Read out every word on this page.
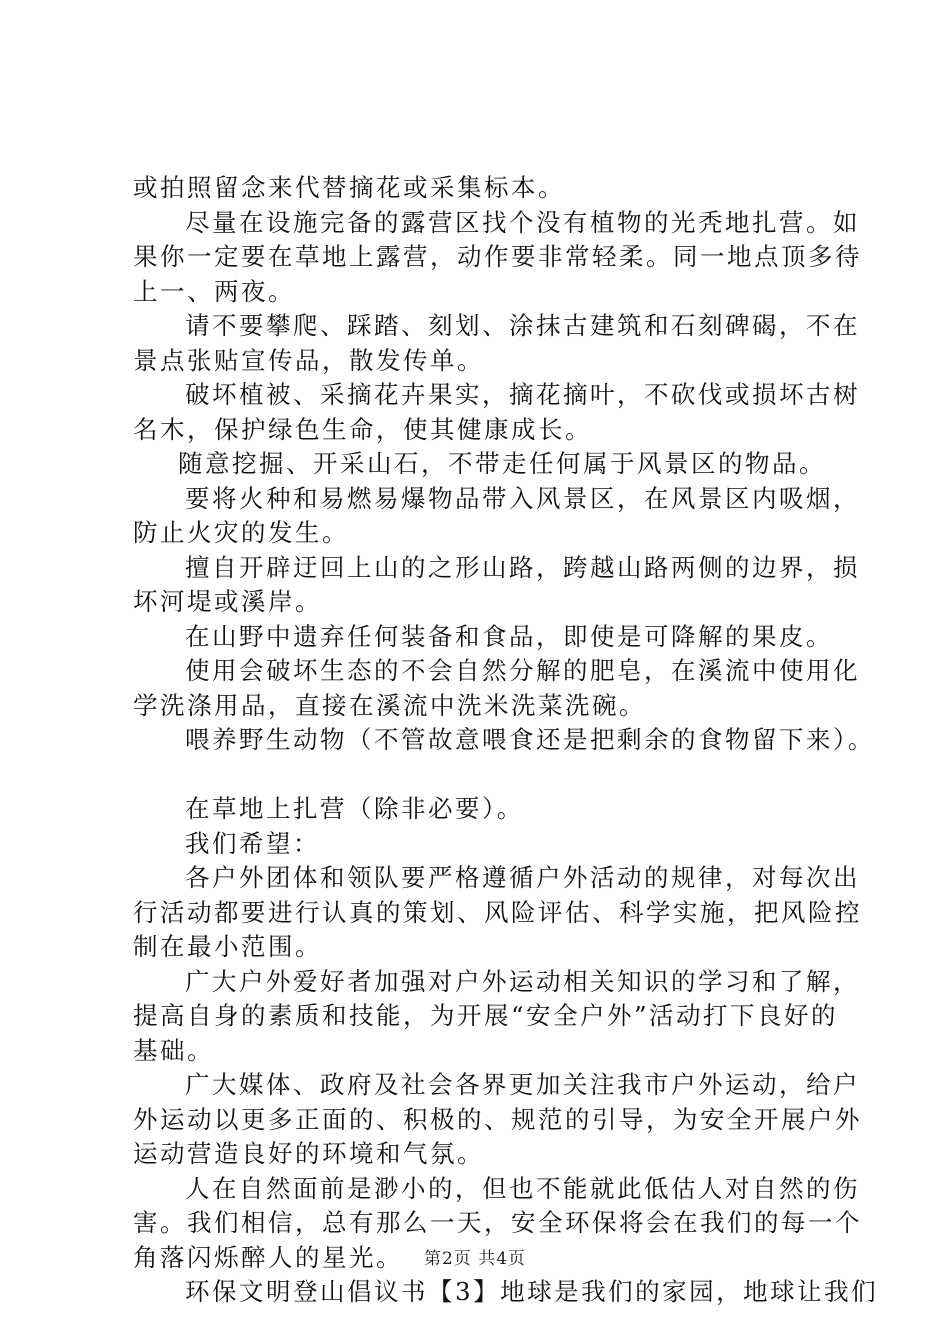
或拍照留念来代替摘花或采集标本。
尽量在设施完备的露营区找个没有植物的光秃地扎营。如
果你一定要在草地上露营，动作要非常轻柔。同一地点顶多待
上一、两夜。
请不要攀爬、踩踏、刻划、涂抹古建筑和石刻碑碣，不在
景点张贴宣传品，散发传单。
破坏植被、采摘花卉果实，摘花摘叶，不砍伐或损坏古树
名木，保护绿色生命，使其健康成长。
随意挖掘、开采山石，不带走任何属于风景区的物品。
要将火种和易燃易爆物品带入风景区，在风景区内吸烟，
防止火灾的发生。
擅自开辟迂回上山的之形山路，跨越山路两侧的边界，损
坏河堤或溪岸。
在山野中遗弃任何装备和食品，即使是可降解的果皮。
使用会破坏生态的不会自然分解的肥皂，在溪流中使用化
学洗涤用品，直接在溪流中洗米洗菜洗碗。
喂养野生动物（不管故意喂食还是把剩余的食物留下来）。
在草地上扎营（除非必要）。
我们希望：
各户外团体和领队要严格遵循户外活动的规律，对每次出
行活动都要进行认真的策划、风险评估、科学实施，把风险控
制在最小范围。
广大户外爱好者加强对户外运动相关知识的学习和了解，
提高自身的素质和技能，为开展“安全户外”活动打下良好的
基础。
广大媒体、政府及社会各界更加关注我市户外运动，给户
外运动以更多正面的、积极的、规范的引导，为安全开展户外
运动营造良好的环境和气氛。
人在自然面前是渺小的，但也不能就此低估人对自然的伤
害。我们相信，总有那么一天，安全环保将会在我们的每一个
角落闪烁醉人的星光。
环保文明登山倡议书【3】地球是我们的家园，地球让我们
第2页 共4页
